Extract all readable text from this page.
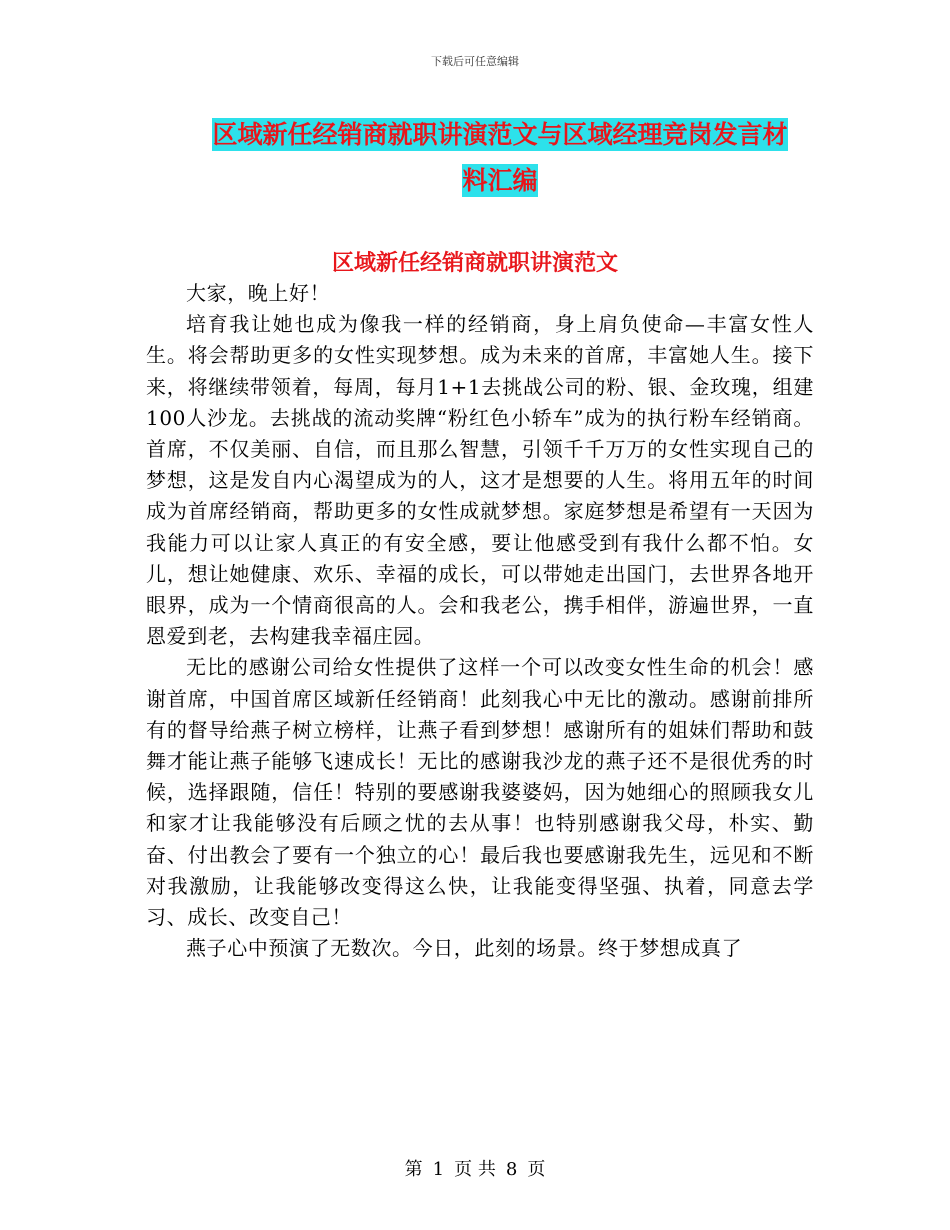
下载后可任意编辑
区域新任经销商就职讲演范文与区域经理竞岗发言材
料汇编
区域新任经销商就职讲演范文

大家，晚上好！

培育我让她也成为像我一样的经销商，身上肩负使命—丰富女性人生。将会帮助更多的女性实现梦想。成为未来的首席，丰富她人生。接下来，将继续带领着，每周，每月1+1去挑战公司的粉、银、金玫瑰，组建100人沙龙。去挑战的流动奖牌“粉红色小轿车”成为的执行粉车经销商。首席，不仅美丽、自信，而且那么智慧，引领千千万万的女性实现自己的梦想，这是发自内心渴望成为的人，这才是想要的人生。将用五年的时间成为首席经销商，帮助更多的女性成就梦想。家庭梦想是希望有一天因为我能力可以让家人真正的有安全感，要让他感受到有我什么都不怕。女儿，想让她健康、欢乐、幸福的成长，可以带她走出国门，去世界各地开眼界，成为一个情商很高的人。会和我老公，携手相伴，游遍世界，一直恩爱到老，去构建我幸福庄园。

无比的感谢公司给女性提供了这样一个可以改变女性生命的机会！感谢首席，中国首席区域新任经销商！此刻我心中无比的激动。感谢前排所有的督导给燕子树立榜样，让燕子看到梦想！感谢所有的姐妹们帮助和鼓舞才能让燕子能够飞速成长！无比的感谢我沙龙的燕子还不是很优秀的时候，选择跟随，信任！特别的要感谢我婆婆妈，因为她细心的照顾我女儿和家才让我能够没有后顾之忧的去从事！也特别感谢我父母，朴实、勤奋、付出教会了要有一个独立的心！最后我也要感谢我先生，远见和不断对我激励，让我能够改变得这么快，让我能变得坚强、执着，同意去学习、成长、改变自己！

燕子心中预演了无数次。今日，此刻的场景。终于梦想成真了

第 1 页 共 8 页
